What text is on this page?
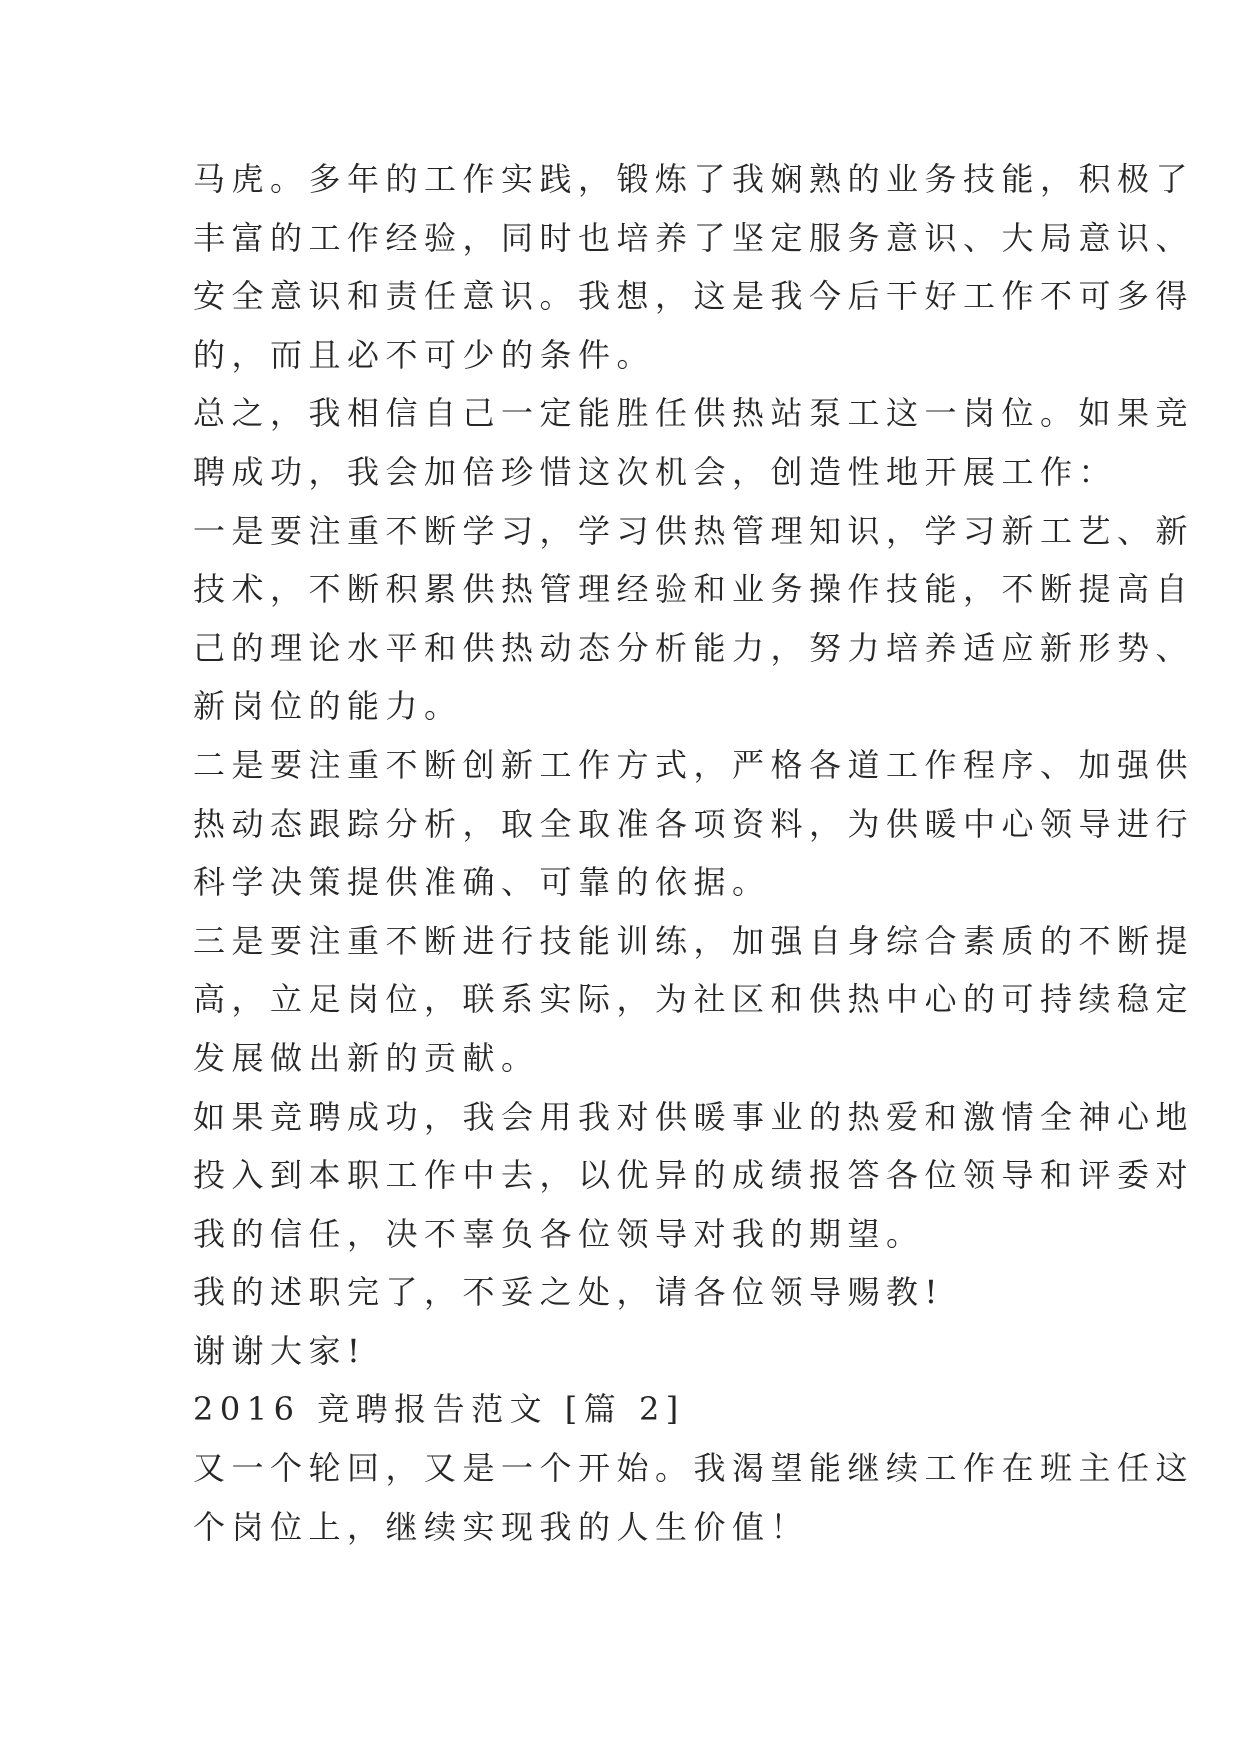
马虎。多年的工作实践，锻炼了我娴熟的业务技能，积极了
丰富的工作经验，同时也培养了坚定服务意识、大局意识、
安全意识和责任意识。我想，这是我今后干好工作不可多得
的，而且必不可少的条件。
总之，我相信自己一定能胜任供热站泵工这一岗位。如果竞
聘成功，我会加倍珍惜这次机会，创造性地开展工作：
一是要注重不断学习，学习供热管理知识，学习新工艺、新
技术，不断积累供热管理经验和业务操作技能，不断提高自
己的理论水平和供热动态分析能力，努力培养适应新形势、
新岗位的能力。
二是要注重不断创新工作方式，严格各道工作程序、加强供
热动态跟踪分析，取全取准各项资料，为供暖中心领导进行
科学决策提供准确、可靠的依据。
三是要注重不断进行技能训练，加强自身综合素质的不断提
高，立足岗位，联系实际，为社区和供热中心的可持续稳定
发展做出新的贡献。
如果竞聘成功，我会用我对供暖事业的热爱和激情全神心地
投入到本职工作中去，以优异的成绩报答各位领导和评委对
我的信任，决不辜负各位领导对我的期望。
我的述职完了，不妥之处，请各位领导赐教!
谢谢大家!
2016 竞聘报告范文 [篇 2]
又一个轮回，又是一个开始。我渴望能继续工作在班主任这
个岗位上，继续实现我的人生价值！
